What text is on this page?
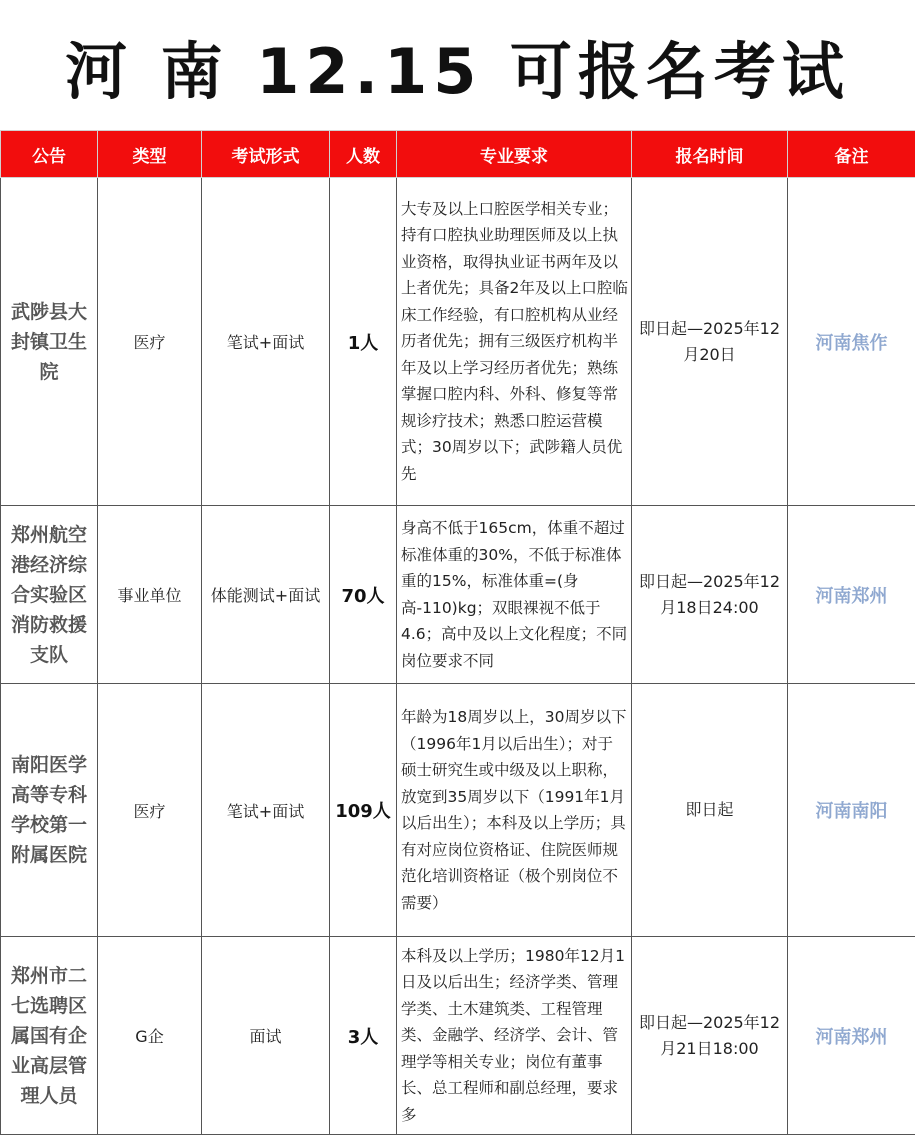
河 南 12.15 可报名考试
公告	类型	考试形式	人数	专业要求	报名时间	备注
武陟县大封镇卫生院	医疗	笔试+面试	1人	大专及以上口腔医学相关专业；持有口腔执业助理医师及以上执业资格，取得执业证书两年及以上者优先；具备2年及以上口腔临床工作经验，有口腔机构从业经历者优先；拥有三级医疗机构半年及以上学习经历者优先；熟练掌握口腔内科、外科、修复等常规诊疗技术；熟悉口腔运营模式；30周岁以下；武陟籍人员优先	即日起—2025年12月20日	河南焦作
郑州航空港经济综合实验区消防救援支队	事业单位	体能测试+面试	70人	身高不低于165cm，体重不超过标准体重的30%，不低于标准体重的15%，标准体重=(身高-110)kg；双眼裸视不低于4.6；高中及以上文化程度；不同岗位要求不同	即日起—2025年12月18日24:00	河南郑州
南阳医学高等专科学校第一附属医院	医疗	笔试+面试	109人	年龄为18周岁以上，30周岁以下（1996年1月以后出生）；对于硕士研究生或中级及以上职称，放宽到35周岁以下（1991年1月以后出生）；本科及以上学历；具有对应岗位资格证、住院医师规范化培训资格证（极个别岗位不需要）	即日起	河南南阳
郑州市二七选聘区属国有企业高层管理人员	G企	面试	3人	本科及以上学历；1980年12月1日及以后出生；经济学类、管理学类、土木建筑类、工程管理类、金融学、经济学、会计、管理学等相关专业；岗位有董事长、总工程师和副总经理，要求多	即日起—2025年12月21日18:00	河南郑州
